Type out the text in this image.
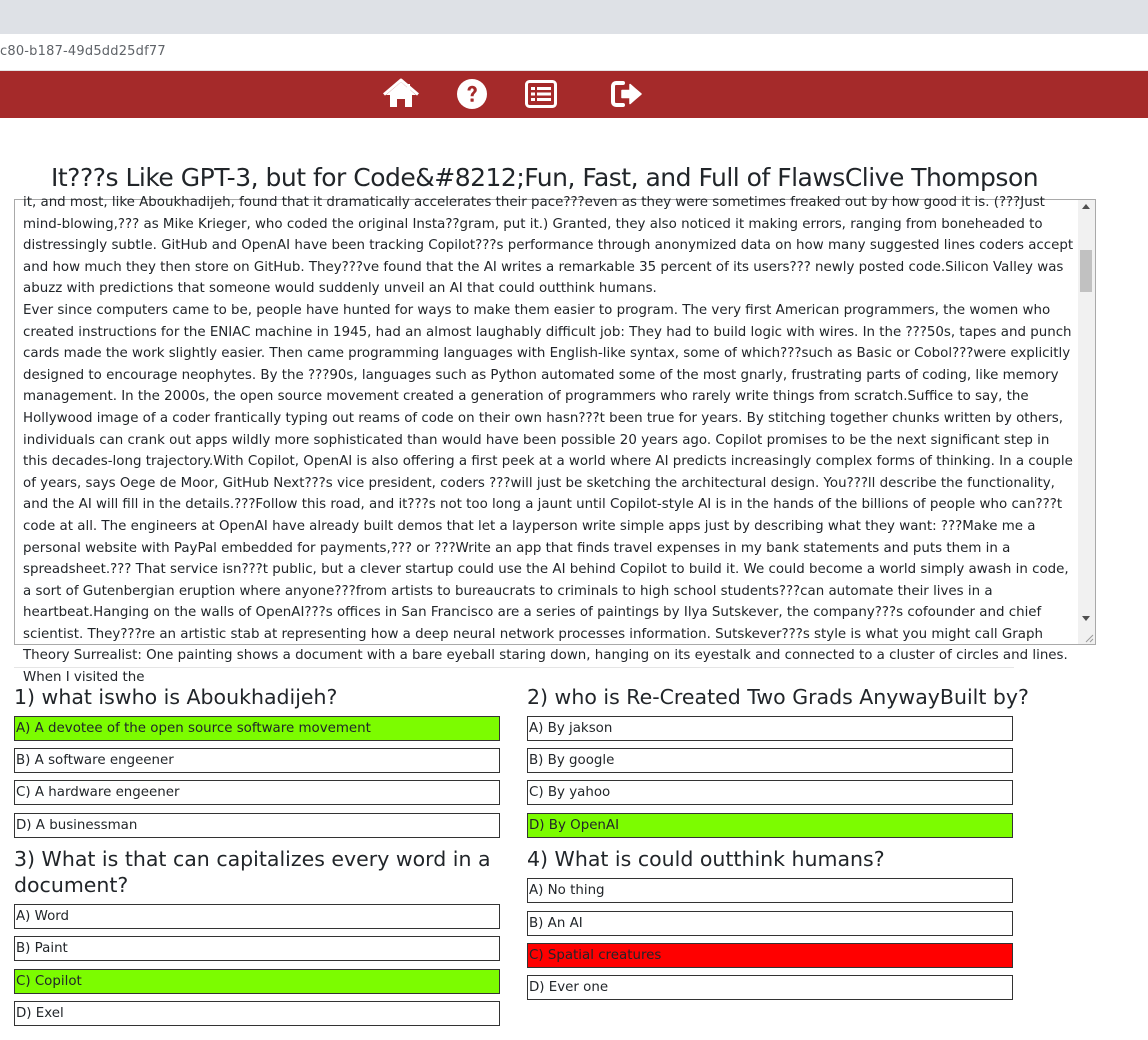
c80-b187-49d5dd25df77
It???s Like GPT-3, but for Code&#8212;Fun, Fast, and Full of FlawsClive Thompson

it, and most, like Aboukhadijeh, found that it dramatically accelerates their pace???even as they were sometimes freaked out by how good it is. (???Just mind-blowing,??? as Mike Krieger, who coded the original Insta??gram, put it.) Granted, they also noticed it making errors, ranging from boneheaded to distressingly subtle. GitHub and OpenAI have been tracking Copilot???s performance through anonymized data on how many suggested lines coders accept and how much they then store on GitHub. They???ve found that the AI writes a remarkable 35 percent of its users??? newly posted code.Silicon Valley was abuzz with predictions that someone would suddenly unveil an AI that could outthink humans.

Ever since computers came to be, people have hunted for ways to make them easier to program. The very first American programmers, the women who created instructions for the ENIAC machine in 1945, had an almost laughably difficult job: They had to build logic with wires. In the ???50s, tapes and punch cards made the work slightly easier. Then came programming languages with English-like syntax, some of which???such as Basic or Cobol???were explicitly designed to encourage neophytes. By the ???90s, languages such as Python automated some of the most gnarly, frustrating parts of coding, like memory management. In the 2000s, the open source movement created a generation of programmers who rarely write things from scratch.Suffice to say, the Hollywood image of a coder frantically typing out reams of code on their own hasn???t been true for years. By stitching together chunks written by others, individuals can crank out apps wildly more sophisticated than would have been possible 20 years ago. Copilot promises to be the next significant step in this decades-long trajectory.With Copilot, OpenAI is also offering a first peek at a world where AI predicts increasingly complex forms of thinking. In a couple of years, says Oege de Moor, GitHub Next???s vice president, coders ???will just be sketching the architectural design. You???ll describe the functionality, and the AI will fill in the details.???Follow this road, and it???s not too long a jaunt until Copilot-style AI is in the hands of the billions of people who can???t code at all. The engineers at OpenAI have already built demos that let a layperson write simple apps just by describing what they want: ???Make me a personal website with PayPal embedded for payments,??? or ???Write an app that finds travel expenses in my bank statements and puts them in a spreadsheet.??? That service isn???t public, but a clever startup could use the AI behind Copilot to build it. We could become a world simply awash in code, a sort of Gutenbergian eruption where anyone???from artists to bureaucrats to criminals to high school students???can automate their lives in a heartbeat.Hanging on the walls of OpenAI???s offices in San Francisco are a series of paintings by Ilya Sutskever, the company???s cofounder and chief scientist. They???re an artistic stab at representing how a deep neural network processes information. Sutskever???s style is what you might call Graph Theory Surrealist: One painting shows a document with a bare eyeball staring down, hanging on its eyestalk and connected to a cluster of circles and lines. When I visited the

1) what iswho is Aboukhadijeh?
A) A devotee of the open source software movement
B) A software engeener
C) A hardware engeener
D) A businessman
2) who is Re-Created Two Grads AnywayBuilt by?
A) By jakson
B) By google
C) By yahoo
D) By OpenAI
3) What is that can capitalizes every word in a document?
A) Word
B) Paint
C) Copilot
D) Exel
4) What is could outthink humans?
A) No thing
B) An AI
C) Spatial creatures
D) Ever one
